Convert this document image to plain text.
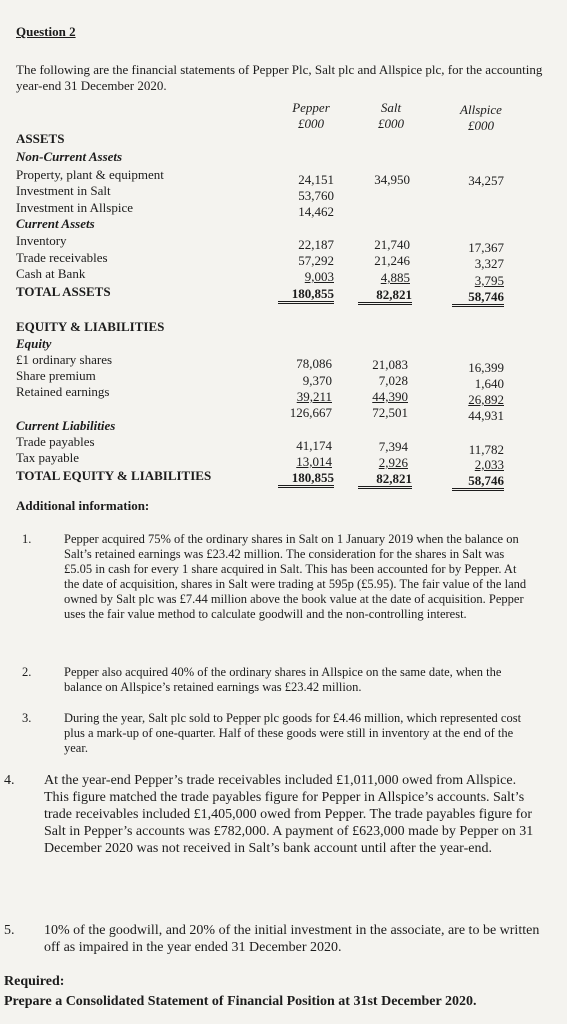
Question 2
The following are the financial statements of Pepper Plc, Salt plc and Allspice plc, for the accounting year-end 31 December 2020.
Pepper
£000
Salt
£000
Allspice
£000
ASSETS
Non-Current Assets
Property, plant & equipment	24,151	34,950	34,257
Investment in Salt	53,760
Investment in Allspice	14,462
Current Assets
Inventory	22,187	21,740	17,367
Trade receivables	57,292	21,246	3,327
Cash at Bank	9,003	4,885	3,795
TOTAL ASSETS	180,855	82,821	58,746
EQUITY & LIABILITIES
Equity
£1 ordinary shares	78,086	21,083	16,399
Share premium	9,370	7,028	1,640
Retained earnings	39,211	44,390	26,892
126,667	72,501	44,931
Current Liabilities
Trade payables	41,174	7,394	11,782
Tax payable	13,014	2,926	2,033
TOTAL EQUITY & LIABILITIES	180,855	82,821	58,746
Additional information:
1.	Pepper acquired 75% of the ordinary shares in Salt on 1 January 2019 when the balance on Salt’s retained earnings was £23.42 million. The consideration for the shares in Salt was £5.05 in cash for every 1 share acquired in Salt. This has been accounted for by Pepper. At the date of acquisition, shares in Salt were trading at 595p (£5.95). The fair value of the land owned by Salt plc was £7.44 million above the book value at the date of acquisition. Pepper uses the fair value method to calculate goodwill and the non-controlling interest.
2.	Pepper also acquired 40% of the ordinary shares in Allspice on the same date, when the balance on Allspice’s retained earnings was £23.42 million.
3.	During the year, Salt plc sold to Pepper plc goods for £4.46 million, which represented cost plus a mark-up of one-quarter. Half of these goods were still in inventory at the end of the year.
4. At the year-end Pepper’s trade receivables included £1,011,000 owed from Allspice. This figure matched the trade payables figure for Pepper in Allspice’s accounts. Salt’s trade receivables included £1,405,000 owed from Pepper. The trade payables figure for Salt in Pepper’s accounts was £782,000. A payment of £623,000 made by Pepper on 31 December 2020 was not received in Salt’s bank account until after the year-end.
5. 10% of the goodwill, and 20% of the initial investment in the associate, are to be written off as impaired in the year ended 31 December 2020.
Required:
Prepare a Consolidated Statement of Financial Position at 31st December 2020.
